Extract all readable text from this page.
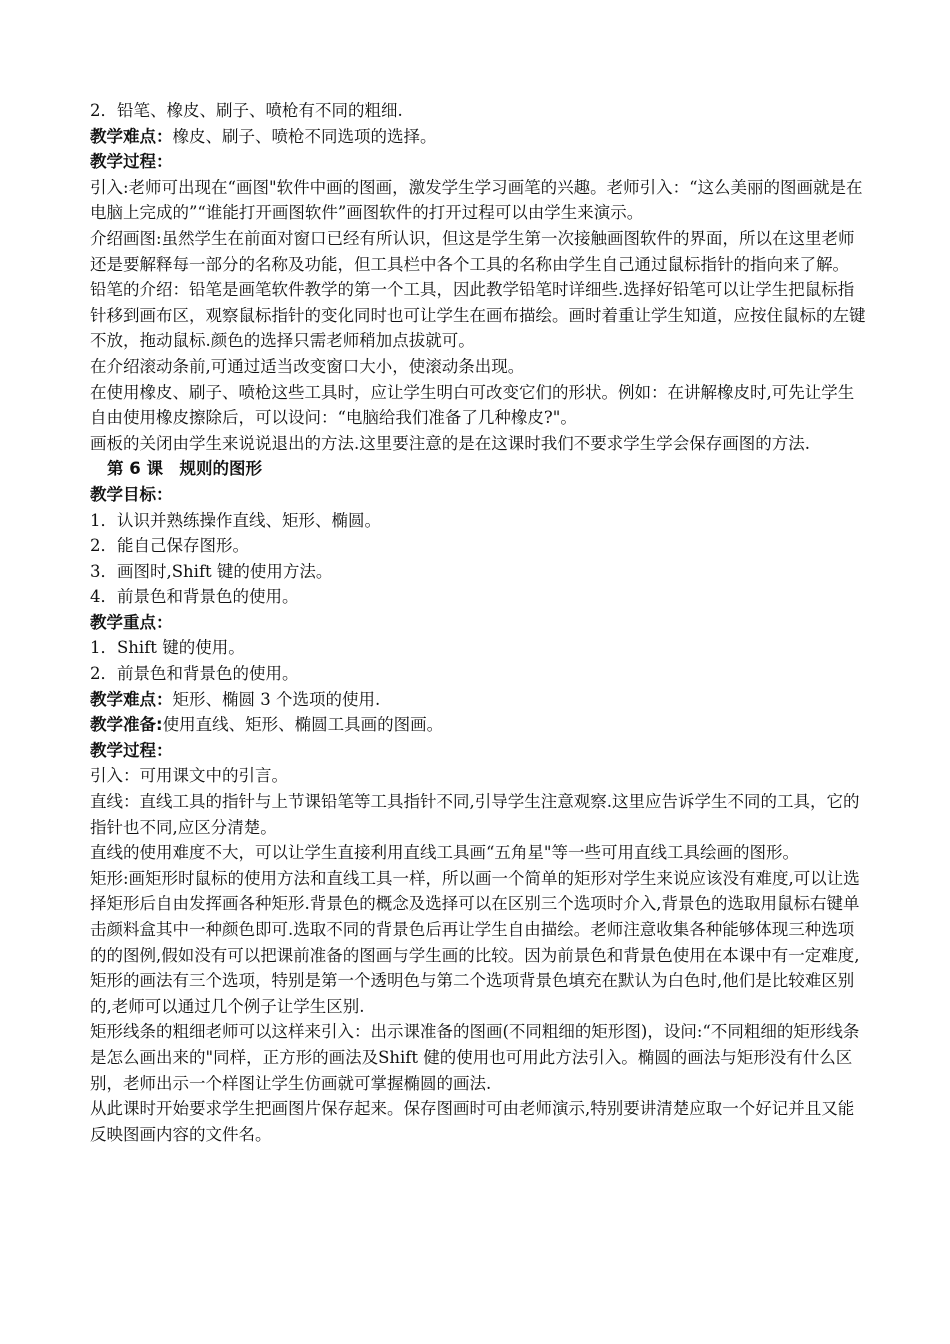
2．铅笔、橡皮、刷子、喷枪有不同的粗细.

教学难点：橡皮、刷子、喷枪不同选项的选择。

教学过程：

引入:老师可出现在“画图"软件中画的图画，激发学生学习画笔的兴趣。老师引入：“这么美丽的图画就是在电脑上完成的”“谁能打开画图软件”画图软件的打开过程可以由学生来演示。

介绍画图:虽然学生在前面对窗口已经有所认识，但这是学生第一次接触画图软件的界面，所以在这里老师还是要解释每一部分的名称及功能，但工具栏中各个工具的名称由学生自己通过鼠标指针的指向来了解。

铅笔的介绍：铅笔是画笔软件教学的第一个工具，因此教学铅笔时详细些.选择好铅笔可以让学生把鼠标指针移到画布区，观察鼠标指针的变化同时也可让学生在画布描绘。画时着重让学生知道，应按住鼠标的左键不放，拖动鼠标.颜色的选择只需老师稍加点拔就可。

在介绍滚动条前,可通过适当改变窗口大小，使滚动条出现。

在使用橡皮、刷子、喷枪这些工具时，应让学生明白可改变它们的形状。例如：在讲解橡皮时,可先让学生自由使用橡皮擦除后，可以设问：“电脑给我们准备了几种橡皮?"。

画板的关闭由学生来说说退出的方法.这里要注意的是在这课时我们不要求学生学会保存画图的方法.

第 6 课　规则的图形

教学目标：

1．认识并熟练操作直线、矩形、椭圆。

2．能自己保存图形。

3．画图时,Shift 键的使用方法。

4．前景色和背景色的使用。

教学重点：

1．Shift 键的使用。

2．前景色和背景色的使用。

教学难点：矩形、椭圆 3 个选项的使用.

教学准备:使用直线、矩形、椭圆工具画的图画。

教学过程：

引入：可用课文中的引言。

直线：直线工具的指针与上节课铅笔等工具指针不同,引导学生注意观察.这里应告诉学生不同的工具，它的指针也不同,应区分清楚。

直线的使用难度不大，可以让学生直接利用直线工具画“五角星"等一些可用直线工具绘画的图形。

矩形:画矩形时鼠标的使用方法和直线工具一样，所以画一个简单的矩形对学生来说应该没有难度,可以让选择矩形后自由发挥画各种矩形.背景色的概念及选择可以在区别三个选项时介入,背景色的选取用鼠标右键单击颜料盒其中一种颜色即可.选取不同的背景色后再让学生自由描绘。老师注意收集各种能够体现三种选项的的图例,假如没有可以把课前准备的图画与学生画的比较。因为前景色和背景色使用在本课中有一定难度,矩形的画法有三个选项，特别是第一个透明色与第二个选项背景色填充在默认为白色时,他们是比较难区别的,老师可以通过几个例子让学生区别.

矩形线条的粗细老师可以这样来引入：出示课准备的图画(不同粗细的矩形图)，设问:“不同粗细的矩形线条是怎么画出来的"同样，正方形的画法及Shift 健的使用也可用此方法引入。椭圆的画法与矩形没有什么区别，老师出示一个样图让学生仿画就可掌握椭圆的画法.

从此课时开始要求学生把画图片保存起来。保存图画时可由老师演示,特别要讲清楚应取一个好记并且又能反映图画内容的文件名。
